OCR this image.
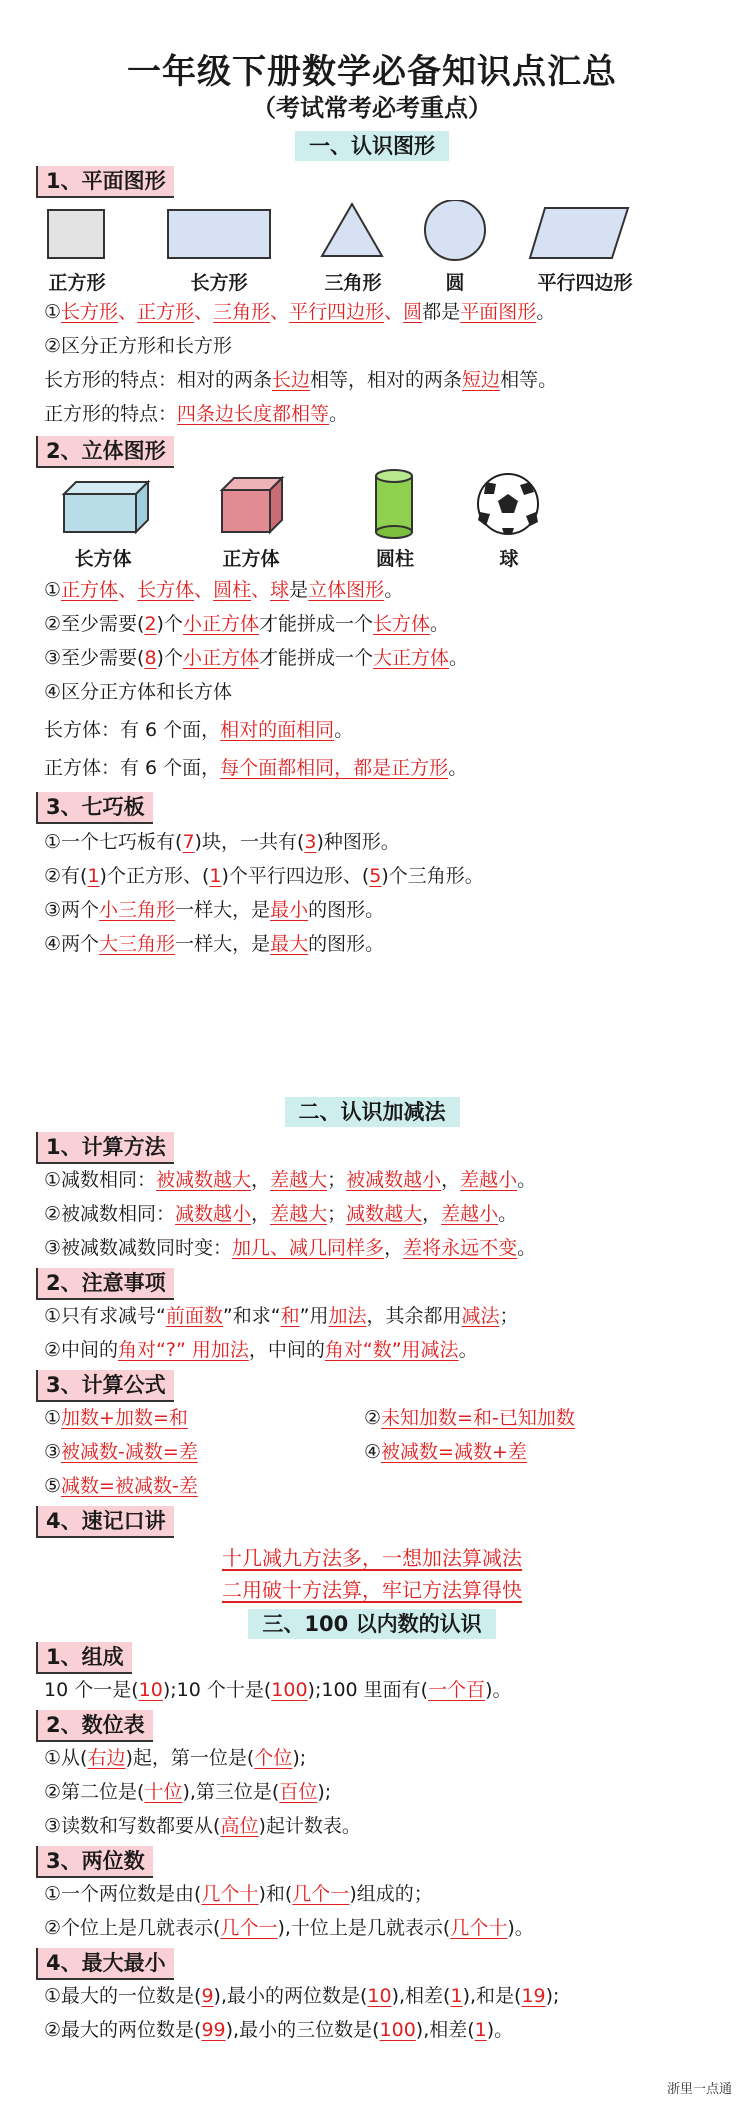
一年级下册数学必备知识点汇总
（考试常考必考重点）
一、认识图形
1、平面图形
正方形	长方形	三角形	圆	平行四边形
①长方形、正方形、三角形、平行四边形、圆都是平面图形。
②区分正方形和长方形
长方形的特点：相对的两条长边相等，相对的两条短边相等。
正方形的特点：四条边长度都相等。
2、立体图形
长方体	正方体	圆柱	球
①正方体、长方体、圆柱、球是立体图形。
②至少需要(2)个小正方体才能拼成一个长方体。
③至少需要(8)个小正方体才能拼成一个大正方体。
④区分正方体和长方体
长方体：有 6 个面，相对的面相同。
正方体：有 6 个面，每个面都相同，都是正方形。
3、七巧板
①一个七巧板有(7)块，一共有(3)种图形。
②有(1)个正方形、(1)个平行四边形、(5)个三角形。
③两个小三角形一样大，是最小的图形。
④两个大三角形一样大，是最大的图形。
二、认识加减法
1、计算方法
①减数相同：被减数越大，差越大；被减数越小，差越小。
②被减数相同：减数越小，差越大；减数越大，差越小。
③被减数减数同时变：加几、减几同样多，差将永远不变。
2、注意事项
①只有求减号“前面数”和求“和”用加法，其余都用减法；
②中间的角对“?” 用加法，中间的角对“数”用减法。
3、计算公式
①加数+加数=和	②未知加数=和-已知加数
③被减数-减数=差	④被减数=减数+差
⑤减数=被减数-差
4、速记口讲
十几减九方法多，一想加法算减法
二用破十方法算，牢记方法算得快
三、100 以内数的认识
1、组成
10 个一是(10);10 个十是(100);100 里面有(一个百)。
2、数位表
①从(右边)起，第一位是(个位);
②第二位是(十位),第三位是(百位);
③读数和写数都要从(高位)起计数表。
3、两位数
①一个两位数是由(几个十)和(几个一)组成的；
②个位上是几就表示(几个一),十位上是几就表示(几个十)。
4、最大最小
①最大的一位数是(9),最小的两位数是(10),相差(1),和是(19);
②最大的两位数是(99),最小的三位数是(100),相差(1)。
浙里一点通
